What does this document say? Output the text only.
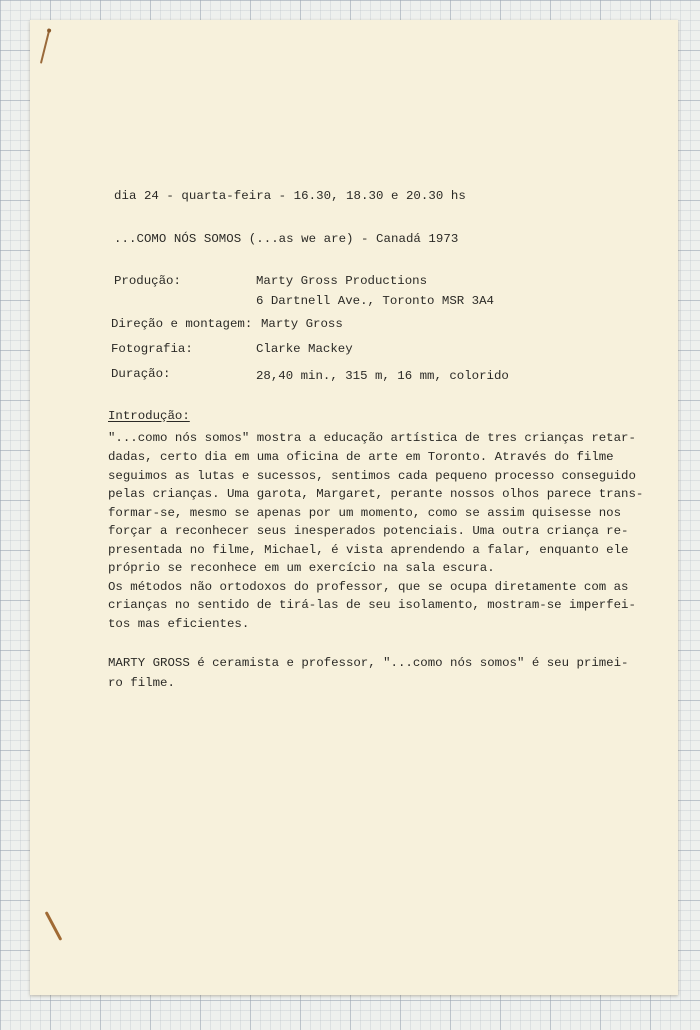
dia 24 - quarta-feira - 16.30, 18.30 e 20.30 hs
...COMO NÓS SOMOS (...as we are) - Canadá 1973
Produção:	Marty Gross Productions
6 Dartnell Ave., Toronto MSR 3A4
Direção e montagem: Marty Gross
Fotografia:	Clarke Mackey
Duração:	28,40 min., 315 m, 16 mm, colorido
Introdução:
"...como nós somos" mostra a educação artística de tres crianças retar-
dadas, certo dia em uma oficina de arte em Toronto. Através do filme
seguimos as lutas e sucessos, sentimos cada pequeno processo conseguido
pelas crianças. Uma garota, Margaret, perante nossos olhos parece trans-
formar-se, mesmo se apenas por um momento, como se assim quisesse nos
forçar a reconhecer seus inesperados potenciais. Uma outra criança re-
presentada no filme, Michael, é vista aprendendo a falar, enquanto ele
próprio se reconhece em um exercício na sala escura.
Os métodos não ortodoxos do professor, que se ocupa diretamente com as
crianças no sentido de tirá-las de seu isolamento, mostram-se imperfei-
tos mas eficientes.
MARTY GROSS é ceramista e professor, "...como nós somos" é seu primei-
ro filme.
